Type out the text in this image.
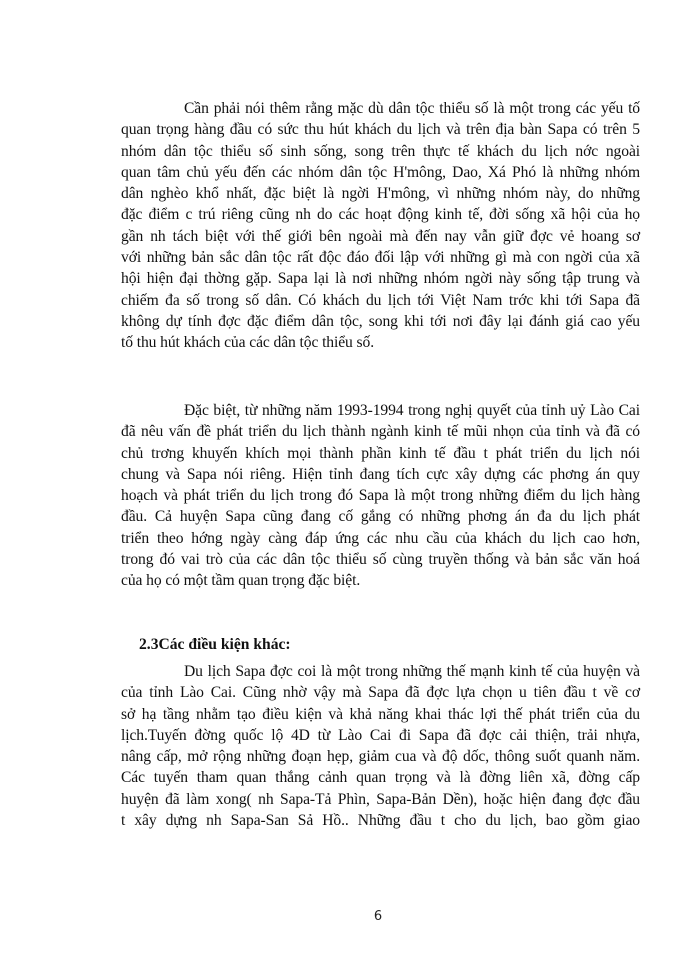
Cần phải nói thêm rằng mặc dù dân tộc thiểu số là một trong các yếu tố
quan trọng hàng đầu có sức thu hút khách du lịch và trên địa bàn Sapa có trên 5
nhóm dân tộc thiểu số sinh sống, song trên thực tế khách du lịch nớc ngoài
quan tâm chủ yếu đến các nhóm dân tộc H'mông, Dao, Xá Phó là những nhóm
dân nghèo khổ nhất, đặc biệt là ngời H'mông, vì những nhóm này, do những
đặc điểm c trú riêng cũng nh do các hoạt động kinh tế, đời sống xã hội của họ
gần nh tách biệt với thế giới bên ngoài mà đến nay vẫn giữ đợc vẻ hoang sơ
với những bản sắc dân tộc rất độc đáo đối lập với những gì mà con ngời của xã
hội hiện đại thờng gặp. Sapa lại là nơi những nhóm ngời này sống tập trung và
chiếm đa số trong số dân. Có khách du lịch tới Việt Nam trớc khi tới Sapa đã
không dự tính đợc đặc điểm dân tộc, song khi tới nơi đây lại đánh giá cao yếu
tố thu hút khách của các dân tộc thiểu số.
Đặc biệt, từ những năm 1993-1994 trong nghị quyết của tỉnh uỷ Lào Cai
đã nêu vấn đề phát triển du lịch thành ngành kinh tế mũi nhọn của tỉnh và đã có
chủ trơng khuyến khích mọi thành phần kinh tế đầu t phát triển du lịch nói
chung và Sapa nói riêng. Hiện tỉnh đang tích cực xây dựng các phơng án quy
hoạch và phát triển du lịch trong đó Sapa là một trong những điểm du lịch hàng
đầu. Cả huyện Sapa cũng đang cố gắng có những phơng án đa du lịch phát
triển theo hớng ngày càng đáp ứng các nhu cầu của khách du lịch cao hơn,
trong đó vai trò của các dân tộc thiểu số cùng truyền thống và bản sắc văn hoá
của họ có một tầm quan trọng đặc biệt.
2.3Các điều kiện khác:
Du lịch Sapa đợc coi là một trong những thế mạnh kinh tế của huyện và
của tỉnh Lào Cai. Cũng nhờ vậy mà Sapa đã đợc lựa chọn u tiên đầu t về cơ
sở hạ tầng nhằm tạo điều kiện và khả năng khai thác lợi thế phát triển của du
lịch.Tuyến đờng quốc lộ 4D từ Lào Cai đi Sapa đã đợc cải thiện, trải nhựa,
nâng cấp, mở rộng những đoạn hẹp, giảm cua và độ dốc, thông suốt quanh năm.
Các tuyến tham quan thắng cảnh quan trọng và là đờng liên xã, đờng cấp
huyện đã làm xong( nh Sapa-Tả Phìn, Sapa-Bản Dền), hoặc hiện đang đợc đầu
t xây dựng nh Sapa-San Sả Hồ.. Những đầu t cho du lịch, bao gồm giao
6
